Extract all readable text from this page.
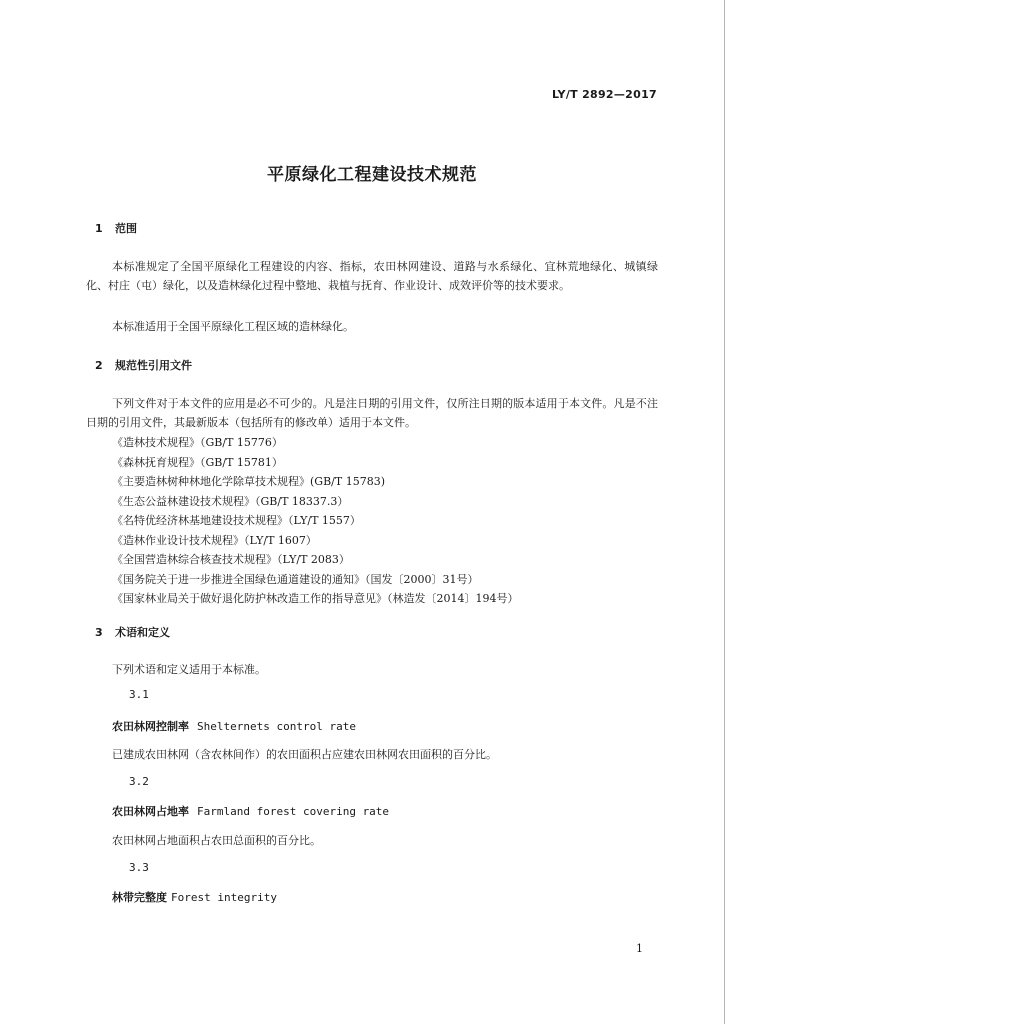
LY/T 2892—2017
平原绿化工程建设技术规范
1 范围
本标准规定了全国平原绿化工程建设的内容、指标，农田林网建设、道路与水系绿化、宜林荒地绿化、城镇绿化、村庄（屯）绿化，以及造林绿化过程中整地、栽植与抚育、作业设计、成效评价等的技术要求。
本标准适用于全国平原绿化工程区域的造林绿化。
2 规范性引用文件
下列文件对于本文件的应用是必不可少的。凡是注日期的引用文件，仅所注日期的版本适用于本文件。凡是不注日期的引用文件，其最新版本（包括所有的修改单）适用于本文件。
《造林技术规程》（GB/T 15776）
《森林抚育规程》（GB/T 15781）
《主要造林树种林地化学除草技术规程》(GB/T 15783)
《生态公益林建设技术规程》（GB/T 18337.3）
《名特优经济林基地建设技术规程》（LY/T 1557）
《造林作业设计技术规程》（LY/T 1607）
《全国营造林综合核查技术规程》（LY/T 2083）
《国务院关于进一步推进全国绿色通道建设的通知》（国发〔2000〕31号）
《国家林业局关于做好退化防护林改造工作的指导意见》（林造发〔2014〕194号）
3 术语和定义
下列术语和定义适用于本标准。
3.1
农田林网控制率 Shelternets control rate
已建成农田林网（含农林间作）的农田面积占应建农田林网农田面积的百分比。
3.2
农田林网占地率 Farmland forest covering rate
农田林网占地面积占农田总面积的百分比。
3.3
林带完整度 Forest integrity
1
